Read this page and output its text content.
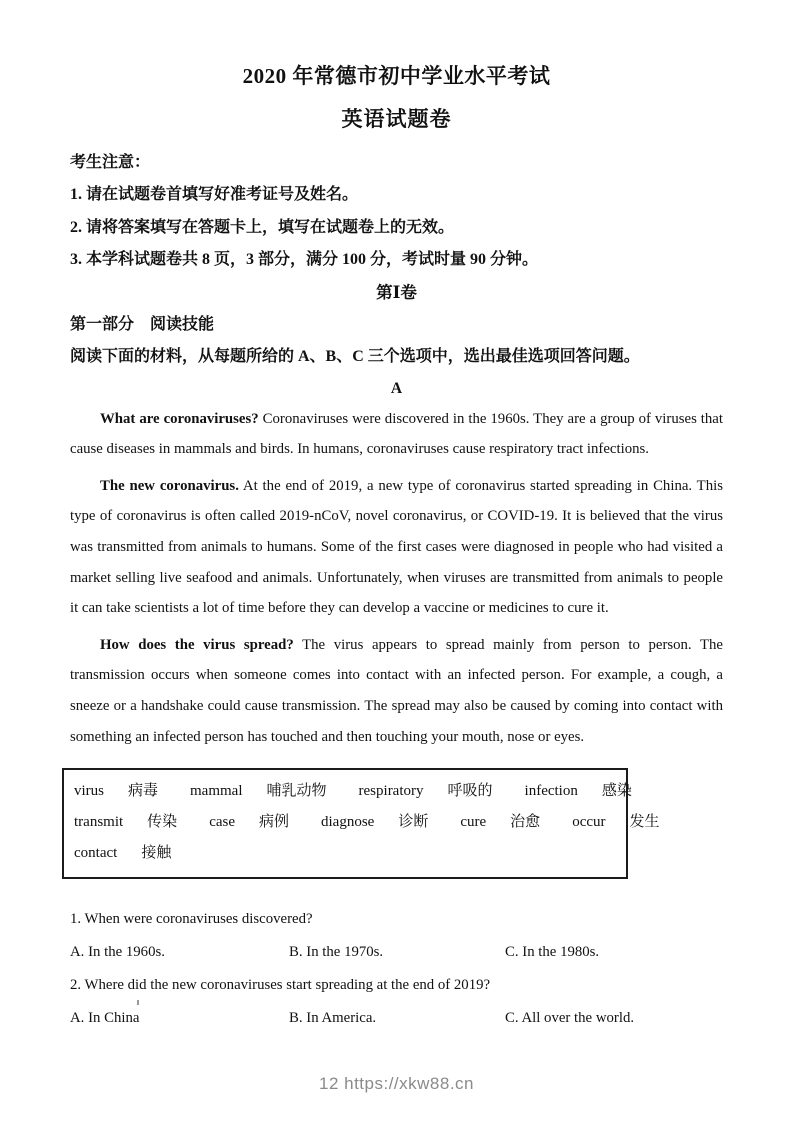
2020 年常德市初中学业水平考试
英语试题卷
考生注意：
1. 请在试题卷首填写好准考证号及姓名。
2. 请将答案填写在答题卡上，填写在试题卷上的无效。
3. 本学科试题卷共 8 页，3 部分，满分 100 分，考试时量 90 分钟。
第Ⅰ卷
第一部分　阅读技能
阅读下面的材料，从每题所给的 A、B、C 三个选项中，选出最佳选项回答问题。
A

What are coronaviruses? Coronaviruses were discovered in the 1960s. They are a group of viruses that cause diseases in mammals and birds. In humans, coronaviruses cause respiratory tract infections.

The new coronavirus. At the end of 2019, a new type of coronavirus started spreading in China. This type of coronavirus is often called 2019-nCoV, novel coronavirus, or COVID-19. It is believed that the virus was transmitted from animals to humans. Some of the first cases were diagnosed in people who had visited a market selling live seafood and animals. Unfortunately, when viruses are transmitted from animals to people it can take scientists a lot of time before they can develop a vaccine or medicines to cure it.

How does the virus spread? The virus appears to spread mainly from person to person. The transmission occurs when someone comes into contact with an infected person. For example, a cough, a sneeze or a handshake could cause transmission. The spread may also be caused by coming into contact with something an infected person has touched and then touching your mouth, nose or eyes.

virus 病毒 mammal 哺乳动物 respiratory 呼吸的 infection 感染
transmit 传染 case 病例 diagnose 诊断 cure 治愈 occur 发生
contact 接触
1. When were coronaviruses discovered?
A. In the 1960s.	B. In the 1970s.	C. In the 1980s.
2. Where did the new coronaviruses start spreading at the end of 2019?
A. In China	B. In America.	C. All over the world.
12 https://xkw88.cn
